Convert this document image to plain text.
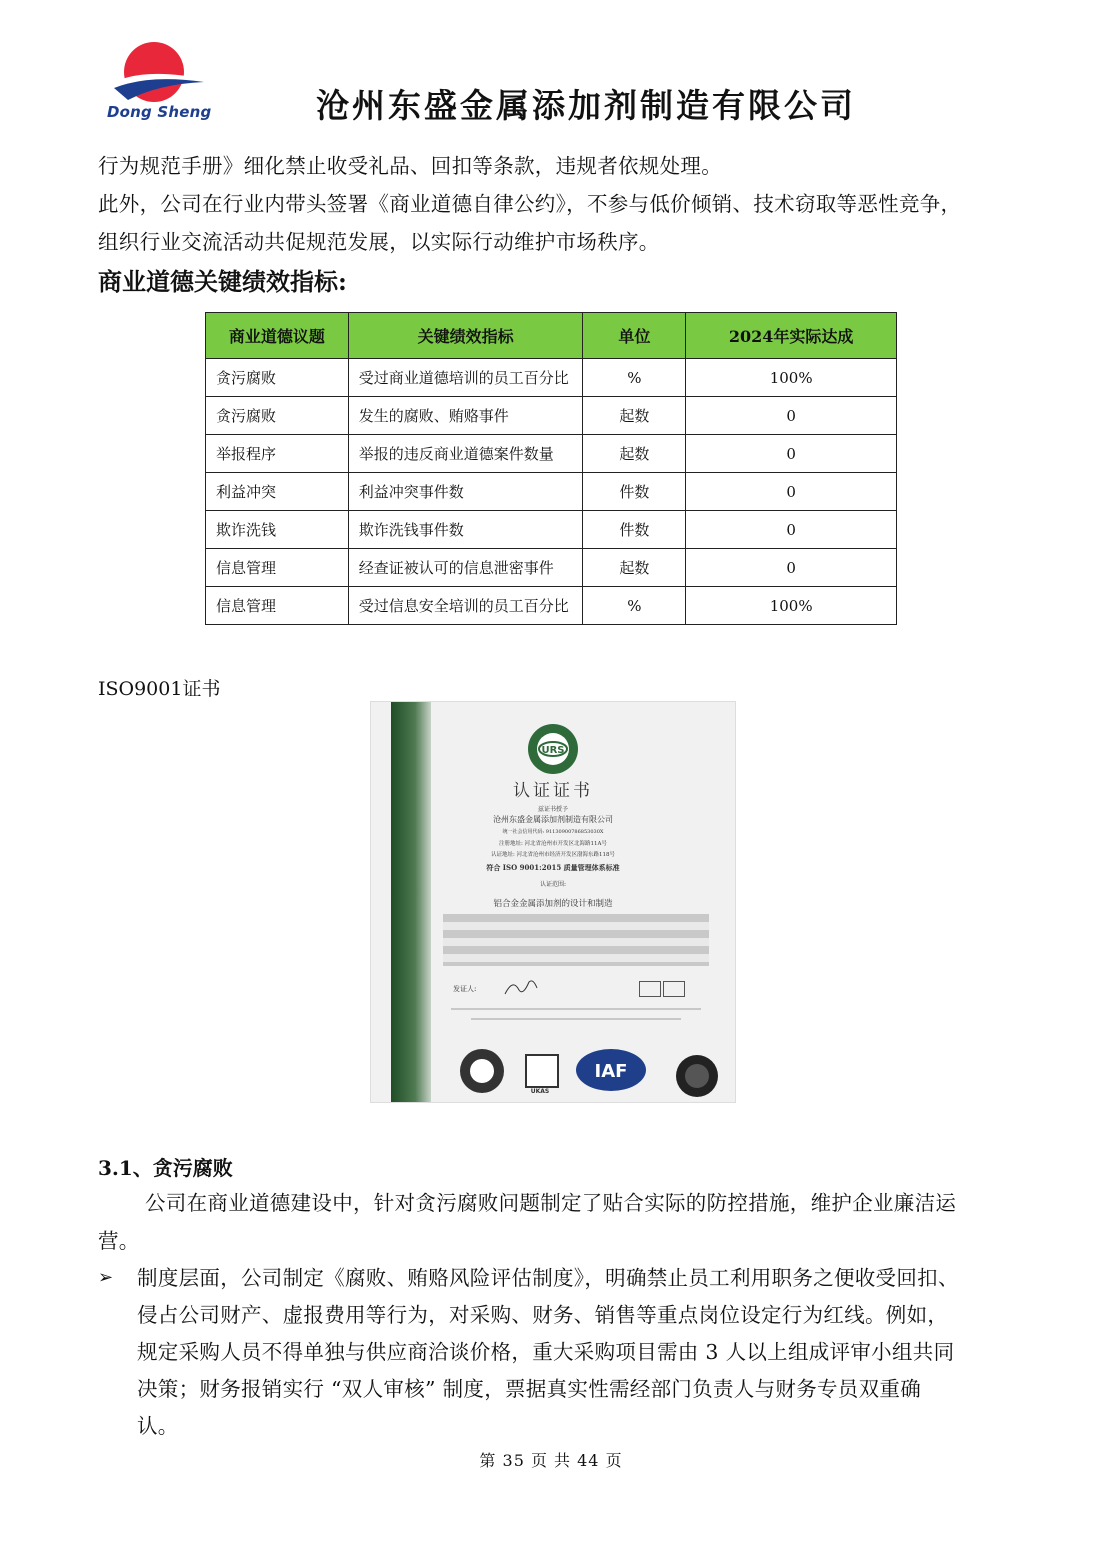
Dong Sheng	沧州东盛金属添加剂制造有限公司
行为规范手册》细化禁止收受礼品、回扣等条款，违规者依规处理。
此外，公司在行业内带头签署《商业道德自律公约》，不参与低价倾销、技术窃取等恶性竞争，
组织行业交流活动共促规范发展，以实际行动维护市场秩序。
商业道德关键绩效指标:
商业道德议题	关键绩效指标	单位	2024年实际达成
贪污腐败	受过商业道德培训的员工百分比	%	100%
贪污腐败	发生的腐败、贿赂事件	起数	0
举报程序	举报的违反商业道德案件数量	起数	0
利益冲突	利益冲突事件数	件数	0
欺诈洗钱	欺诈洗钱事件数	件数	0
信息管理	经查证被认可的信息泄密事件	起数	0
信息管理	受过信息安全培训的员工百分比	%	100%
ISO9001证书
URS
认证证书
兹证书授予
沧州东盛金属添加剂制造有限公司
统一社会信用代码: 91130900786853030X
注册地址: 河北省沧州市开发区北海路11A号
认证地址: 河北省沧州市经济开发区渤海东路118号
符合 ISO 9001:2015 质量管理体系标准
认证范围:
铝合金金属添加剂的设计和制造
发证人:
UKAS
IAF
3.1、贪污腐败
公司在商业道德建设中，针对贪污腐败问题制定了贴合实际的防控措施，维护企业廉洁运
营。
➢ 制度层面，公司制定《腐败、贿赂风险评估制度》，明确禁止员工利用职务之便收受回扣、
侵占公司财产、虚报费用等行为，对采购、财务、销售等重点岗位设定行为红线。例如，
规定采购人员不得单独与供应商洽谈价格，重大采购项目需由 3 人以上组成评审小组共同
决策；财务报销实行 “双人审核” 制度，票据真实性需经部门负责人与财务专员双重确
认。
第 35 页 共 44 页
